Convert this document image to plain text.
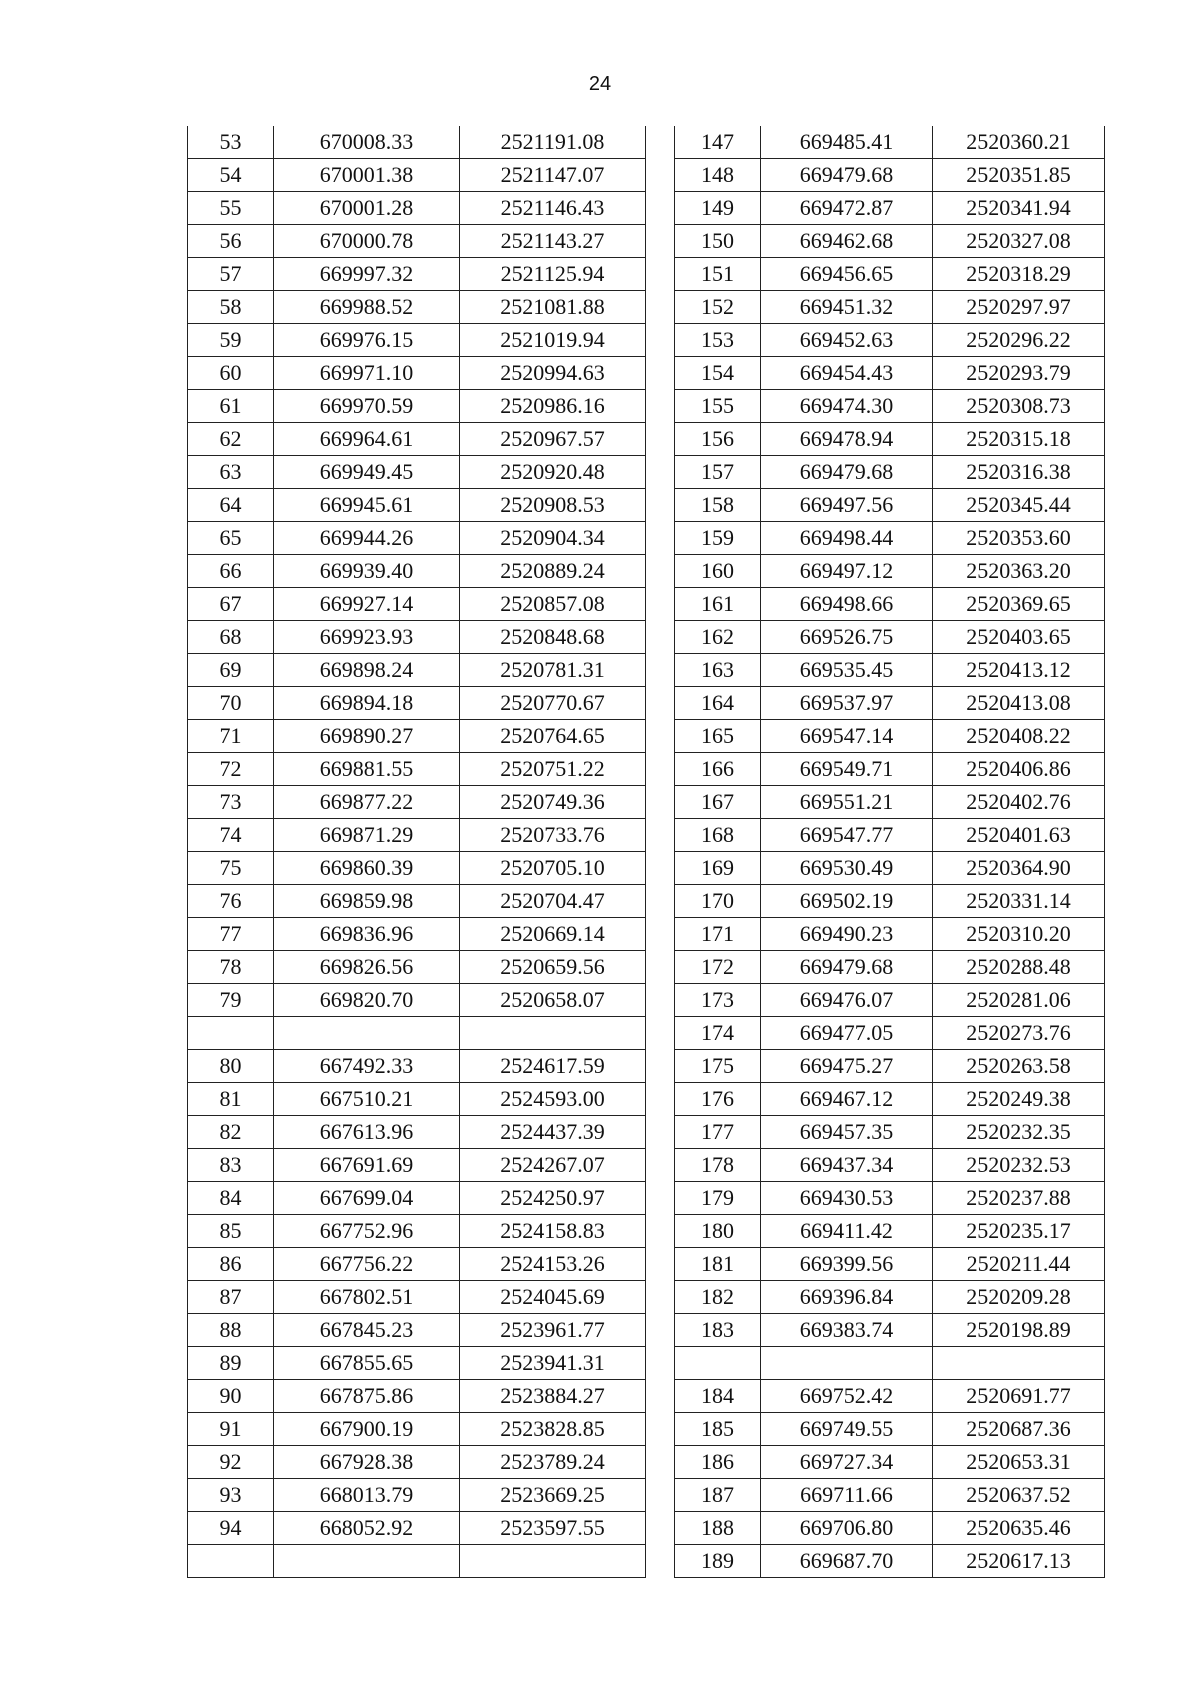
24
53	670008.33	2521191.08
54	670001.38	2521147.07
55	670001.28	2521146.43
56	670000.78	2521143.27
57	669997.32	2521125.94
58	669988.52	2521081.88
59	669976.15	2521019.94
60	669971.10	2520994.63
61	669970.59	2520986.16
62	669964.61	2520967.57
63	669949.45	2520920.48
64	669945.61	2520908.53
65	669944.26	2520904.34
66	669939.40	2520889.24
67	669927.14	2520857.08
68	669923.93	2520848.68
69	669898.24	2520781.31
70	669894.18	2520770.67
71	669890.27	2520764.65
72	669881.55	2520751.22
73	669877.22	2520749.36
74	669871.29	2520733.76
75	669860.39	2520705.10
76	669859.98	2520704.47
77	669836.96	2520669.14
78	669826.56	2520659.56
79	669820.70	2520658.07

80	667492.33	2524617.59
81	667510.21	2524593.00
82	667613.96	2524437.39
83	667691.69	2524267.07
84	667699.04	2524250.97
85	667752.96	2524158.83
86	667756.22	2524153.26
87	667802.51	2524045.69
88	667845.23	2523961.77
89	667855.65	2523941.31
90	667875.86	2523884.27
91	667900.19	2523828.85
92	667928.38	2523789.24
93	668013.79	2523669.25
94	668052.92	2523597.55

147	669485.41	2520360.21
148	669479.68	2520351.85
149	669472.87	2520341.94
150	669462.68	2520327.08
151	669456.65	2520318.29
152	669451.32	2520297.97
153	669452.63	2520296.22
154	669454.43	2520293.79
155	669474.30	2520308.73
156	669478.94	2520315.18
157	669479.68	2520316.38
158	669497.56	2520345.44
159	669498.44	2520353.60
160	669497.12	2520363.20
161	669498.66	2520369.65
162	669526.75	2520403.65
163	669535.45	2520413.12
164	669537.97	2520413.08
165	669547.14	2520408.22
166	669549.71	2520406.86
167	669551.21	2520402.76
168	669547.77	2520401.63
169	669530.49	2520364.90
170	669502.19	2520331.14
171	669490.23	2520310.20
172	669479.68	2520288.48
173	669476.07	2520281.06
174	669477.05	2520273.76
175	669475.27	2520263.58
176	669467.12	2520249.38
177	669457.35	2520232.35
178	669437.34	2520232.53
179	669430.53	2520237.88
180	669411.42	2520235.17
181	669399.56	2520211.44
182	669396.84	2520209.28
183	669383.74	2520198.89

184	669752.42	2520691.77
185	669749.55	2520687.36
186	669727.34	2520653.31
187	669711.66	2520637.52
188	669706.80	2520635.46
189	669687.70	2520617.13
